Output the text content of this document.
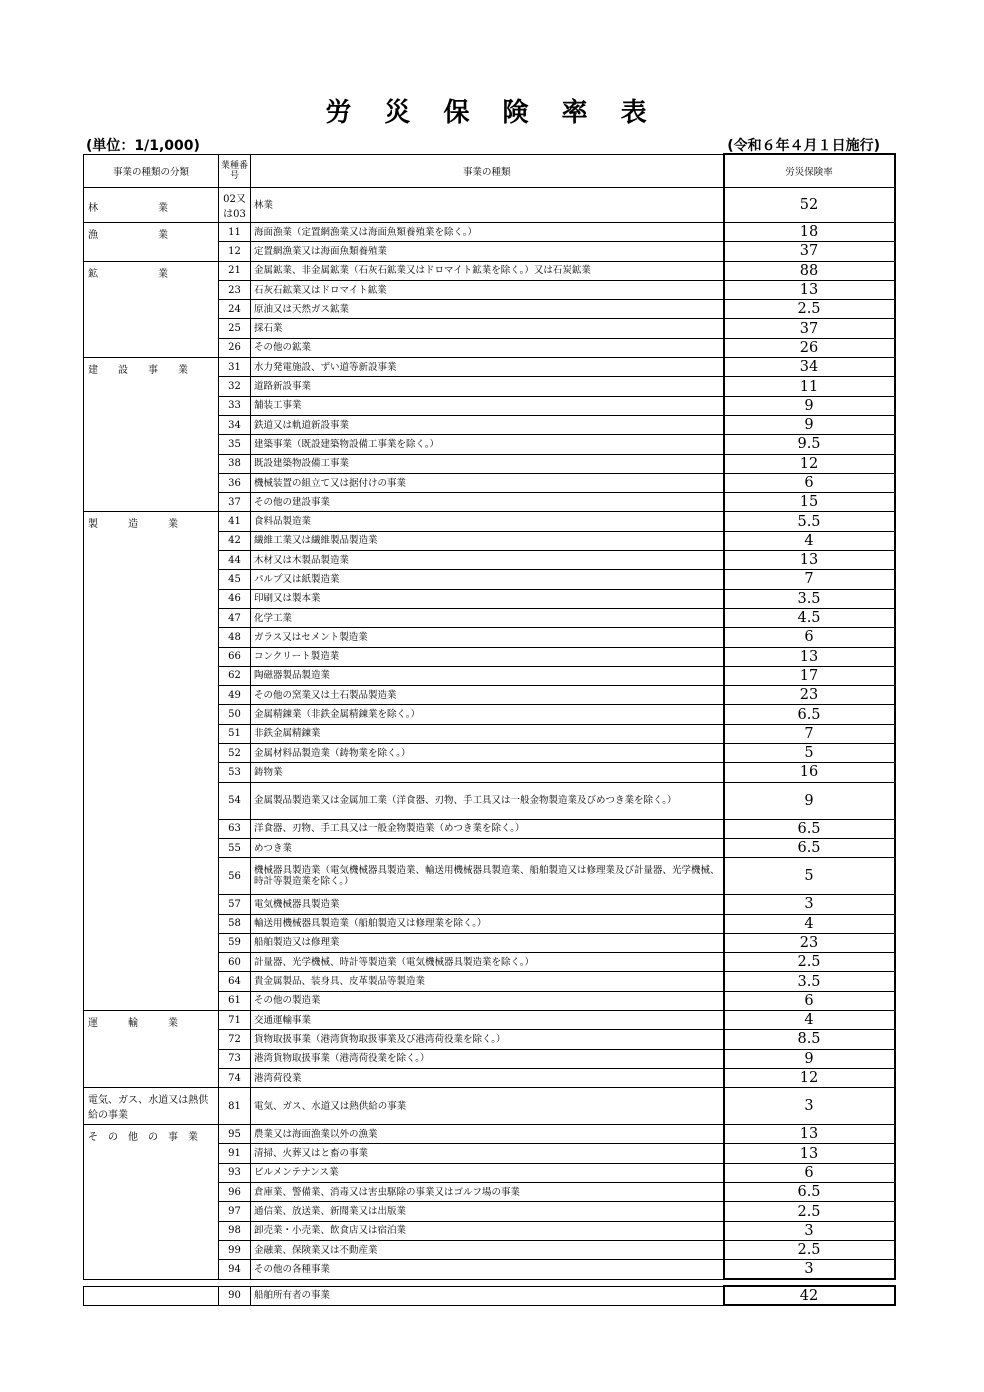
労 災 保 険 率 表
(単位：1/1,000)	(令和６年４月１日施行)
事業の種類の分類	業種番号	事業の種類	労災保険率
林　　　　　　業	02又は03	林業	52
漁　　　　　　業	11	海面漁業（定置網漁業又は海面魚類養殖業を除く。）	18
	12	定置網漁業又は海面魚類養殖業	37
鉱　　　　　　業	21	金属鉱業、非金属鉱業（石灰石鉱業又はドロマイト鉱業を除く。）又は石炭鉱業	88
	23	石灰石鉱業又はドロマイト鉱業	13
	24	原油又は天然ガス鉱業	2.5
	25	採石業	37
	26	その他の鉱業	26
建　　設　　事　　業	31	水力発電施設、ずい道等新設事業	34
	32	道路新設事業	11
	33	舗装工事業	9
	34	鉄道又は軌道新設事業	9
	35	建築事業（既設建築物設備工事業を除く。）	9.5
	38	既設建築物設備工事業	12
	36	機械装置の組立て又は据付けの事業	6
	37	その他の建設事業	15
製　　　造　　　業	41	食料品製造業	5.5
	42	繊維工業又は繊維製品製造業	4
	44	木材又は木製品製造業	13
	45	パルプ又は紙製造業	7
	46	印刷又は製本業	3.5
	47	化学工業	4.5
	48	ガラス又はセメント製造業	6
	66	コンクリート製造業	13
	62	陶磁器製品製造業	17
	49	その他の窯業又は土石製品製造業	23
	50	金属精錬業（非鉄金属精錬業を除く。）	6.5
	51	非鉄金属精錬業	7
	52	金属材料品製造業（鋳物業を除く。）	5
	53	鋳物業	16
	54	金属製品製造業又は金属加工業（洋食器、刃物、手工具又は一般金物製造業及びめつき業を除く。）	9
	63	洋食器、刃物、手工具又は一般金物製造業（めつき業を除く。）	6.5
	55	めつき業	6.5
	56	機械器具製造業（電気機械器具製造業、輸送用機械器具製造業、船舶製造又は修理業及び計量器、光学機械、時計等製造業を除く。）	5
	57	電気機械器具製造業	3
	58	輸送用機械器具製造業（船舶製造又は修理業を除く。）	4
	59	船舶製造又は修理業	23
	60	計量器、光学機械、時計等製造業（電気機械器具製造業を除く。）	2.5
	64	貴金属製品、装身具、皮革製品等製造業	3.5
	61	その他の製造業	6
運　　　輸　　　業	71	交通運輸事業	4
	72	貨物取扱事業（港湾貨物取扱事業及び港湾荷役業を除く。）	8.5
	73	港湾貨物取扱事業（港湾荷役業を除く。）	9
	74	港湾荷役業	12
電気、ガス、水道又は熱供給の事業	81	電気、ガス、水道又は熱供給の事業	3
そ　の　他　の　事　業	95	農業又は海面漁業以外の漁業	13
	91	清掃、火葬又はと畜の事業	13
	93	ビルメンテナンス業	6
	96	倉庫業、警備業、消毒又は害虫駆除の事業又はゴルフ場の事業	6.5
	97	通信業、放送業、新聞業又は出版業	2.5
	98	卸売業・小売業、飲食店又は宿泊業	3
	99	金融業、保険業又は不動産業	2.5
	94	その他の各種事業	3

	90	船舶所有者の事業	42
